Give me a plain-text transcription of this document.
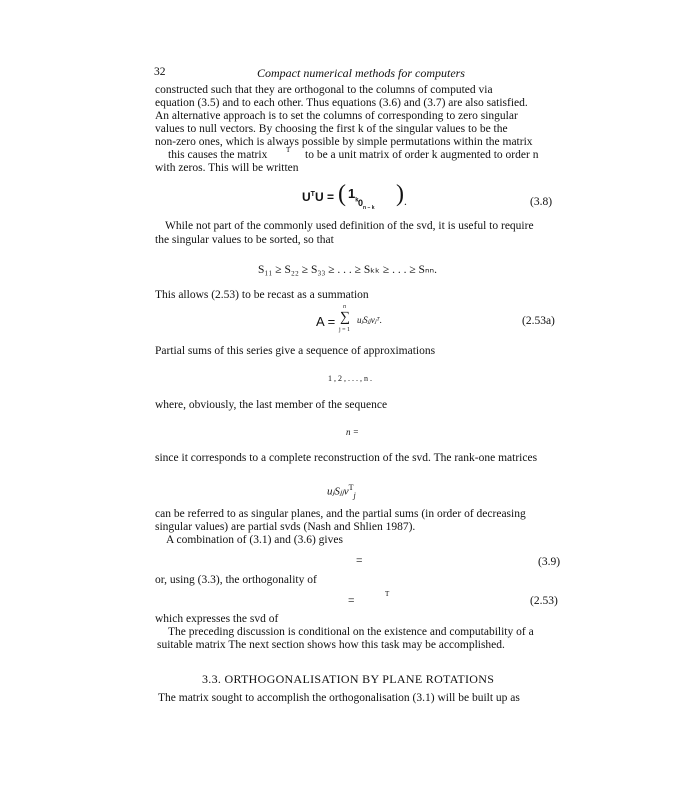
32	Compact numerical methods for computers
constructed such that they are orthogonal to the columns of computed via
equation (3.5) and to each other. Thus equations (3.6) and (3.7) are also satisfied.
An alternative approach is to set the columns of corresponding to zero singular
values to null vectors. By choosing the first k of the singular values to be the
non-zero ones, which is always possible by simple permutations within the matrix
this causes the matrix	T to be a unit matrix of order k augmented to order n
with zeros. This will be written
$U^TU$ = ( $1_k$ $0_{n - k}$
) .	(3.8)
While not part of the commonly used definition of the svd, it is useful to require
the singular values to be sorted, so that
S₁₁ ≥ S₂₂ ≥ S₃₃ ≥ . . . ≥ Sₖₖ ≥ . . . ≥ Sₙₙ.
This allows (2.53) to be recast as a summation
A =
n
∑
j = 1
uⱼSⱼⱼvⱼᵀ.	(2.53a)
Partial sums of this series give a sequence of approximations
1 , 2 , . . . , n .
where, obviously, the last member of the sequence
n =
since it corresponds to a complete reconstruction of the svd. The rank-one matrices
uⱼSⱼⱼv$^T_j$
can be referred to as singular planes, and the partial sums (in order of decreasing
singular values) are partial svds (Nash and Shlien 1987).
A combination of (3.1) and (3.6) gives
=	(3.9)
or, using (3.3), the orthogonality of
=
T
(2.53)
which expresses the svd of
The preceding discussion is conditional on the existence and computability of a
suitable matrix The next section shows how this task may be accomplished.
3.3. ORTHOGONALISATION BY PLANE ROTATIONS
The matrix sought to accomplish the orthogonalisation (3.1) will be built up as
